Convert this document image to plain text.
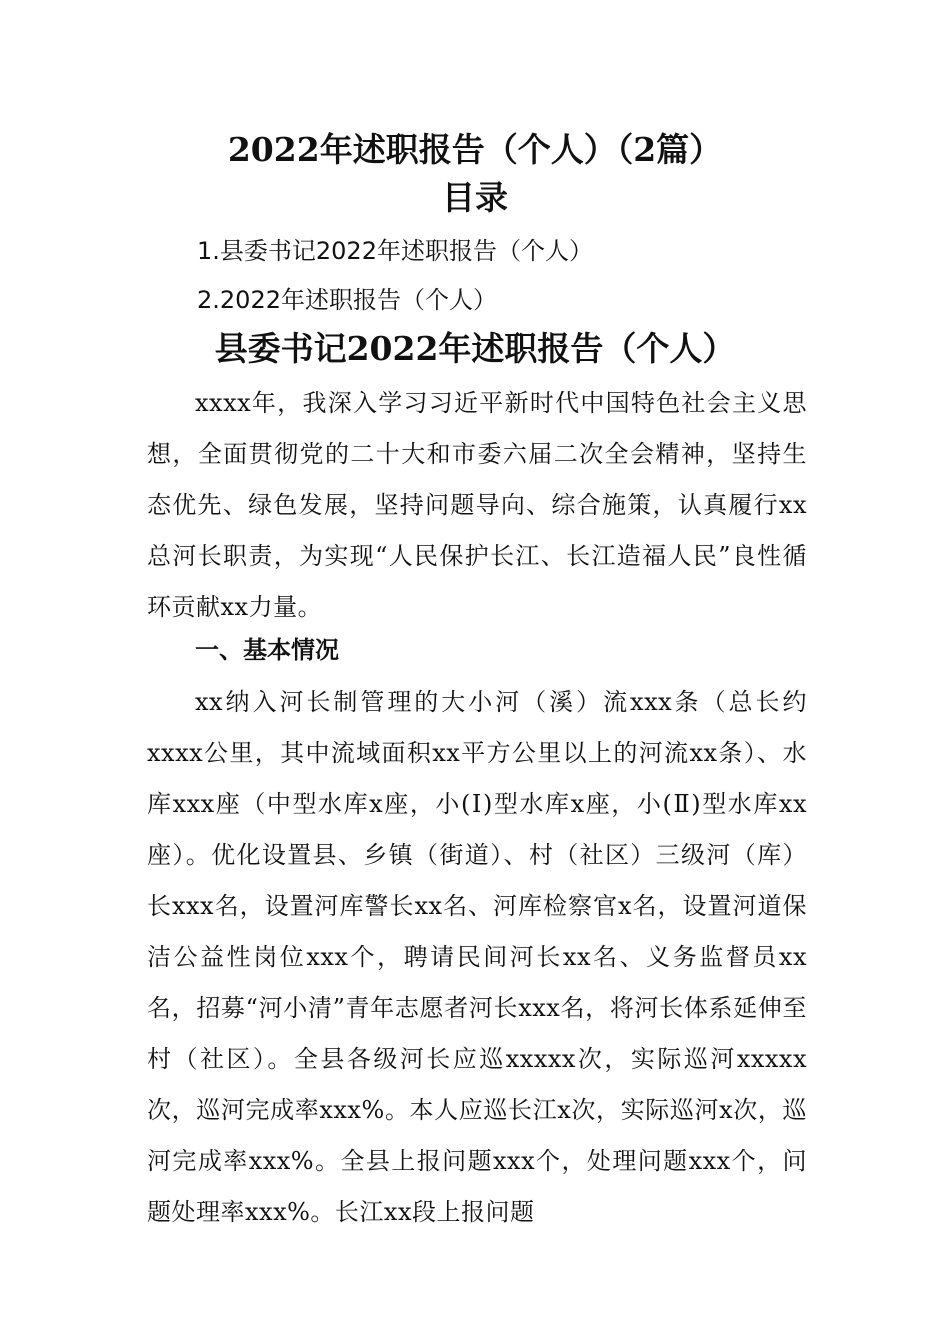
2022年述职报告（个人）（2篇）
目录
1.县委书记2022年述职报告（个人）
2.2022年述职报告（个人）
县委书记2022年述职报告（个人）

xxxx年，我深入学习习近平新时代中国特色社会主义思想，全面贯彻党的二十大和市委六届二次全会精神，坚持生态优先、绿色发展，坚持问题导向、综合施策，认真履行xx总河长职责，为实现“人民保护长江、长江造福人民”良性循环贡献xx力量。

一、基本情况

xx纳入河长制管理的大小河（溪）流xxx条（总长约xxxx公里，其中流域面积xx平方公里以上的河流xx条）、水库xxx座（中型水库x座，小(Ⅰ)型水库x座，小(Ⅱ)型水库xx座）。优化设置县、乡镇（街道）、村（社区）三级河（库）长xxx名，设置河库警长xx名、河库检察官x名，设置河道保洁公益性岗位xxx个，聘请民间河长xx名、义务监督员xx名，招募“河小清”青年志愿者河长xxx名，将河长体系延伸至村（社区）。全县各级河长应巡xxxxx次，实际巡河xxxxx次，巡河完成率xxx%。本人应巡长江x次，实际巡河x次，巡河完成率xxx%。全县上报问题xxx个，处理问题xxx个，问题处理率xxx%。长江xx段上报问题
